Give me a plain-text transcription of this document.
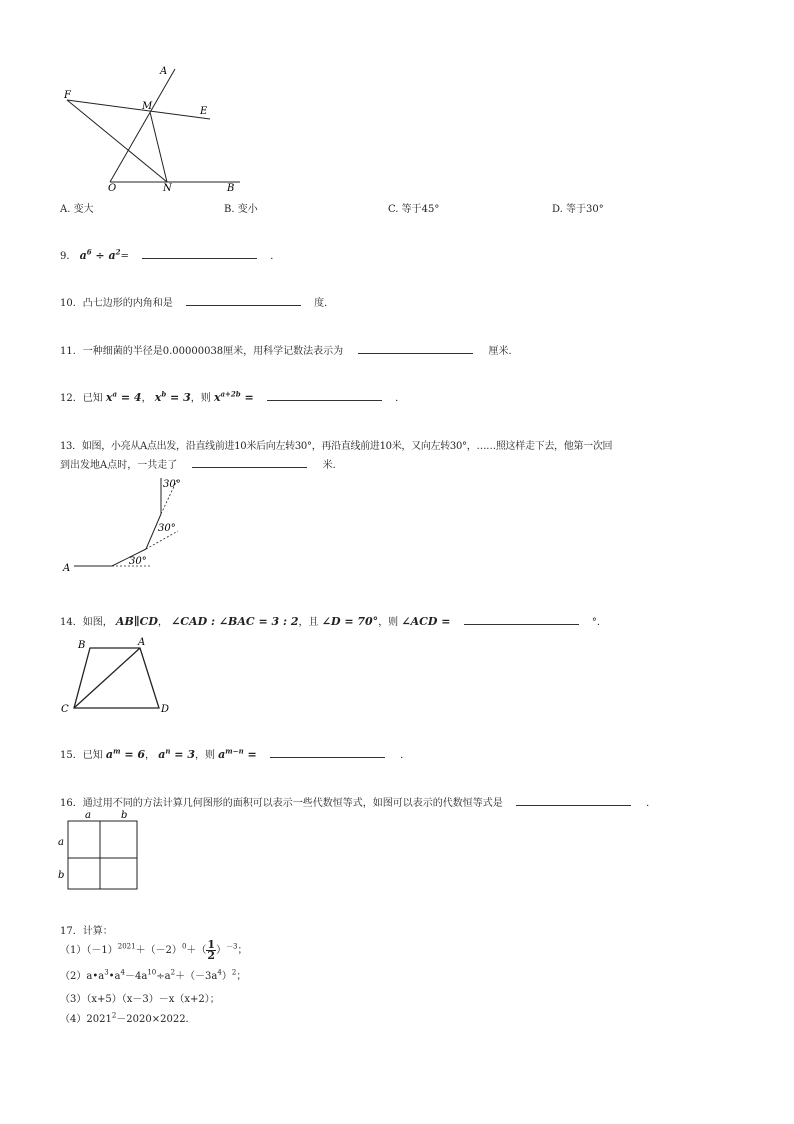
A
F
M	E
O	N	B
A. 变大	B. 变小	C. 等于45°	D. 等于30°
9． $a^6 \div a^2=$	．
10．凸七边形的内角和是	度．
11．一种细菌的半径是0.00000038厘米，用科学记数法表示为	厘米．
12．已知 $x^a = 4$， $x^b = 3$，则 $x^{a+2b}$ =	．
13．如图，小亮从A点出发，沿直线前进10米后向左转30°，再沿直线前进10米，又向左转30°，……照这样走下去，他第一次回
到出发地A点时，一共走了	米．
A
30°
30°
30°
14．如图， AB∥CD， ∠CAD : ∠BAC = 3 : 2，且 ∠D = 70°，则 ∠ACD =	°．
B	A
C	D
15．已知 $a^m = 6$， $a^n = 3$，则 $a^{m-n}$ =	．
16．通过用不同的方法计算几何图形的面积可以表示一些代数恒等式，如图可以表示的代数恒等式是	．
a	b
a
b
17．计算：
$(1)(-1)^{2021}+(-2)^0+( \frac{1}{2} )^{-3}$；
$(2)a•a^3•a^4-4a^{10}\div a^2+(-3a^4)^2$；
（3）（x+5）（x－3）－x（x+2）；
$(4)2021^2-2020\times 2022$．
